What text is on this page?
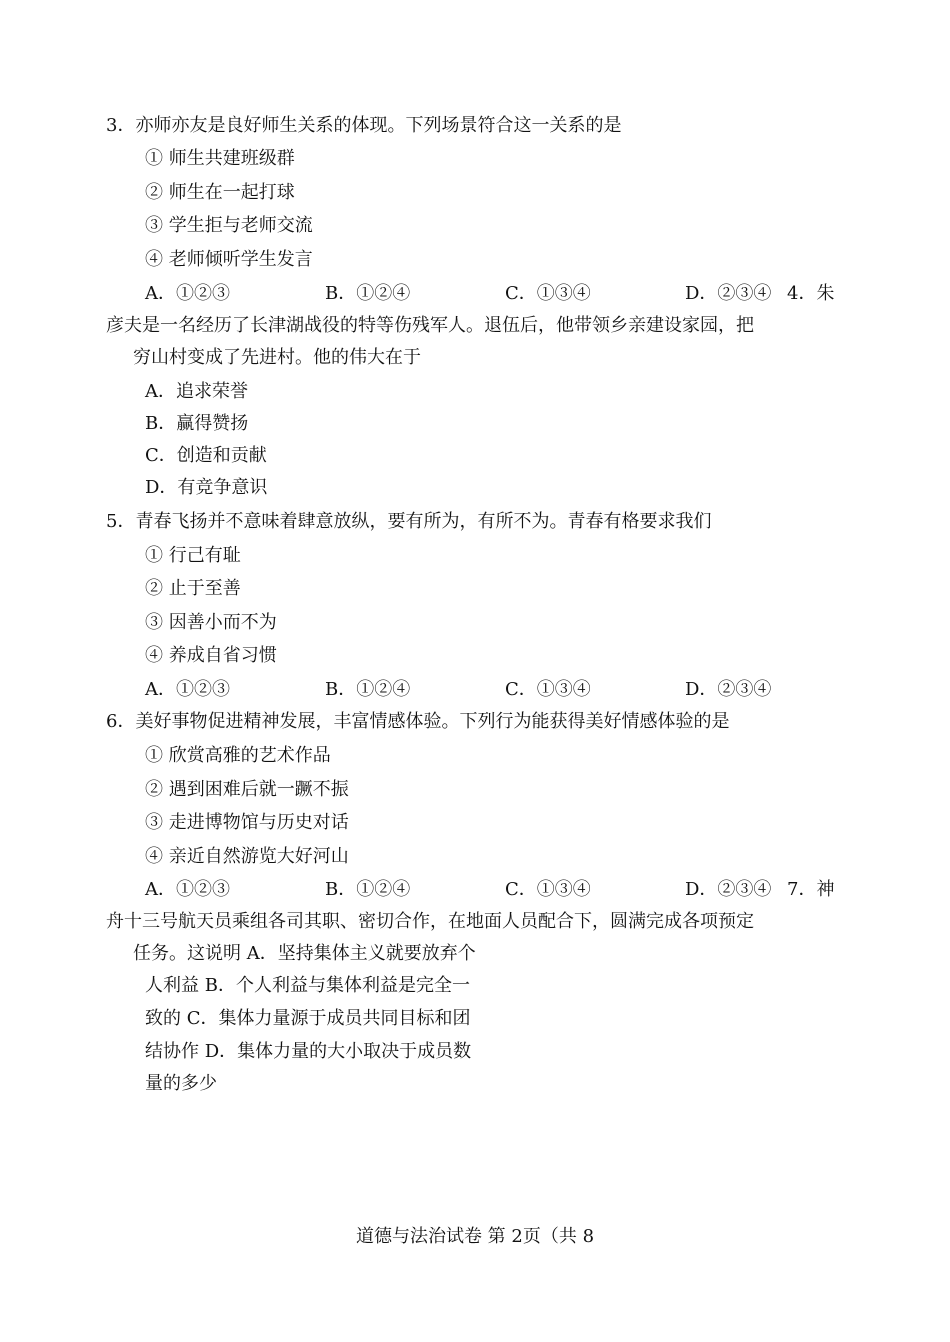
3．亦师亦友是良好师生关系的体现。下列场景符合这一关系的是
① 师生共建班级群
② 师生在一起打球
③ 学生拒与老师交流
④ 老师倾听学生发言
A．①②③	B．①②④	C．①③④	D．②③④ 4．朱
彦夫是一名经历了长津湖战役的特等伤残军人。退伍后，他带领乡亲建设家园，把
穷山村变成了先进村。他的伟大在于
A．追求荣誉
B．赢得赞扬
C．创造和贡献
D．有竞争意识
5．青春飞扬并不意味着肆意放纵，要有所为，有所不为。青春有格要求我们
① 行己有耻
② 止于至善
③ 因善小而不为
④ 养成自省习惯
A．①②③	B．①②④	C．①③④	D．②③④
6．美好事物促进精神发展，丰富情感体验。下列行为能获得美好情感体验的是
① 欣赏高雅的艺术作品
② 遇到困难后就一蹶不振
③ 走进博物馆与历史对话
④ 亲近自然游览大好河山
A．①②③	B．①②④	C．①③④	D．②③④ 7．神
舟十三号航天员乘组各司其职、密切合作，在地面人员配合下，圆满完成各项预定
任务。这说明 A．坚持集体主义就要放弃个
人利益 B．个人利益与集体利益是完全一
致的 C．集体力量源于成员共同目标和团
结协作 D．集体力量的大小取决于成员数
量的多少
道德与法治试卷 第 2页（共 8
